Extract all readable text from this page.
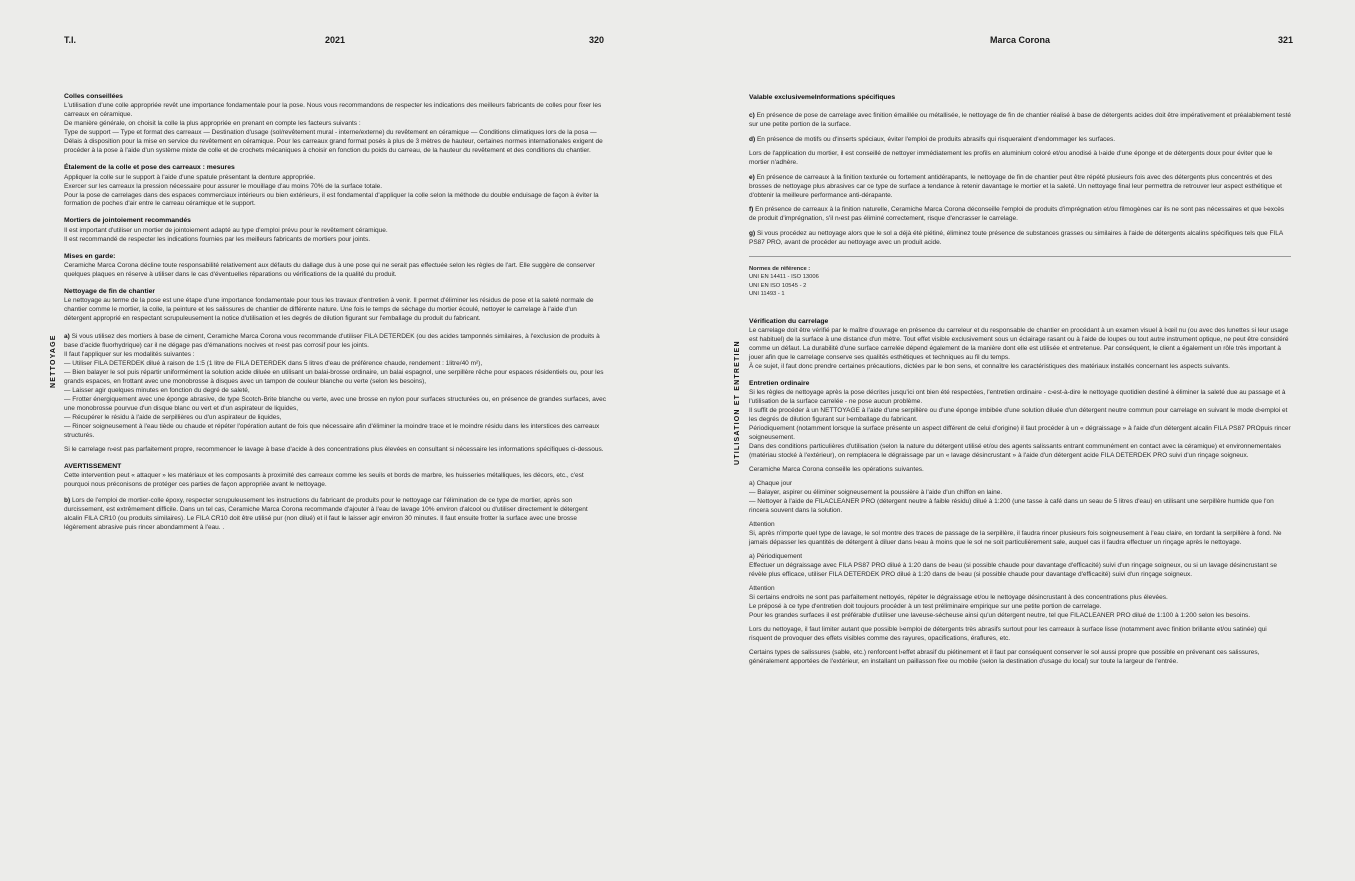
T.I.	2021	320
NETTOYAGE
Colles conseillées
L'utilisation d'une colle appropriée revêt une importance fondamentale pour la pose. Nous vous recommandons de respecter les indications des meilleurs fabricants de colles pour fixer les carreaux en céramique.
De manière générale, on choisit la colle la plus appropriée en prenant en compte les facteurs suivants :
Type de support — Type et format des carreaux — Destination d'usage (sol/revêtement mural - interne/externe) du revêtement en céramique — Conditions climatiques lors de la posa — Délais à disposition pour la mise en service du revêtement en céramique. Pour les carreaux grand format posés à plus de 3 mètres de hauteur, certaines normes internationales exigent de procéder à la pose à l'aide d'un système mixte de colle et de crochets mécaniques à choisir en fonction du poids du carreau, de la hauteur du revêtement et des conditions du chantier.
Étalement de la colle et pose des carreaux : mesures
Appliquer la colle sur le support à l'aide d'une spatule présentant la denture appropriée.
Exercer sur les carreaux la pression nécessaire pour assurer le mouillage d'au moins 70% de la surface totale.
Pour la pose de carrelages dans des espaces commerciaux intérieurs ou bien extérieurs, il est fondamental d'appliquer la colle selon la méthode du double enduisage de façon à éviter la formation de poches d'air entre le carreau céramique et le support.
Mortiers de jointoiement recommandés
Il est important d'utiliser un mortier de jointoiement adapté au type d'emploi prévu pour le revêtement céramique.
Il est recommandé de respecter les indications fournies par les meilleurs fabricants de mortiers pour joints.
Mises en garde:

Ceramiche Marca Corona décline toute responsabilité relativement aux défauts du dallage dus à une pose qui ne serait pas effectuée selon les règles de l'art. Elle suggère de conserver quelques plaques en réserve à utiliser dans le cas d'éventuelles réparations ou vérifications de la qualité du produit.

Nettoyage de fin de chantier

Le nettoyage au terme de la pose est une étape d'une importance fondamentale pour tous les travaux d'entretien à venir. Il permet d'éliminer les résidus de pose et la saleté normale de chantier comme le mortier, la colle, la peinture et les salissures de chantier de différente nature. Une fois le temps de séchage du mortier écoulé, nettoyer le carrelage à l'aide d'un détergent approprié en respectant scrupuleusement la notice d'utilisation et les degrés de dilution figurant sur l'emballage du produit du fabricant.

a) Si vous utilisez des mortiers à base de ciment, Ceramiche Marca Corona vous recommande d'utiliser FILA DETERDEK (ou des acides tamponnés similaires, à l'exclusion de produits à base d'acide fluorhydrique) car il ne dégage pas d'émanations nocives et n›est pas corrosif pour les joints.
Il faut l'appliquer sur les modalités suivantes :
— Utiliser FILA DETERDEK dilué à raison de 1:5 (1 litre de FILA DETERDEK dans 5 litres d'eau de préférence chaude, rendement : 1litre/40 m²),
— Bien balayer le sol puis répartir uniformément la solution acide diluée en utilisant un balai-brosse ordinaire, un balai espagnol, une serpillère rêche pour espaces résidentiels ou, pour les grands espaces, en frottant avec une monobrosse à disques avec un tampon de couleur blanche ou verte (selon les besoins),
— Laisser agir quelques minutes en fonction du degré de saleté,
— Frotter énergiquement avec une éponge abrasive, de type Scotch-Brite blanche ou verte, avec une brosse en nylon pour surfaces structurées ou, en présence de grandes surfaces, avec une monobrosse pourvue d'un disque blanc ou vert et d'un aspirateur de liquides,
— Récupérer le résidu à l'aide de serpillières ou d'un aspirateur de liquides,
— Rincer soigneusement à l'eau tiède ou chaude et répéter l'opération autant de fois que nécessaire afin d'éliminer la moindre trace et le moindre résidu dans les interstices des carreaux structurés.

Si le carrelage n›est pas parfaitement propre, recommencer le lavage à base d'acide à des concentrations plus élevées en consultant si nécessaire les informations spécifiques ci-dessous.

AVERTISSEMENT

Cette intervention peut « attaquer » les matériaux et les composants à proximité des carreaux comme les seuils et bords de marbre, les huisseries métalliques, les décors, etc., c'est pourquoi nous préconisons de protéger ces parties de façon appropriée avant le nettoyage.

b) Lors de l'emploi de mortier-colle époxy, respecter scrupuleusement les instructions du fabricant de produits pour le nettoyage car l'élimination de ce type de mortier, après son durcissement, est extrêmement difficile. Dans un tel cas, Ceramiche Marca Corona recommande d'ajouter à l'eau de lavage 10% environ d'alcool ou d'utiliser directement le détergent alcalin FILA CR10 (ou produits similaires). Le FILA CR10 doit être utilisé pur (non dilué) et il faut le laisser agir environ 30 minutes. Il faut ensuite frotter la surface avec une brosse légèrement abrasive puis rincer abondamment à l'eau. .

Marca Corona	321
UTILISATION ET ENTRETIEN
Valable exclusivemeInformations spécifiques

c) En présence de pose de carrelage avec finition émaillée ou métallisée, le nettoyage de fin de chantier réalisé à base de détergents acides doit être impérativement et préalablement testé sur une petite portion de la surface.

d) En présence de motifs ou d'inserts spéciaux, éviter l'emploi de produits abrasifs qui risqueraient d'endommager les surfaces.

Lors de l'application du mortier, il est conseillé de nettoyer immédiatement les profils en aluminium coloré et/ou anodisé à l›aide d'une éponge et de détergents doux pour éviter que le mortier n'adhère.

e) En présence de carreaux à la finition texturée ou fortement antidérapants, le nettoyage de fin de chantier peut être répété plusieurs fois avec des détergents plus concentrés et des brosses de nettoyage plus abrasives car ce type de surface a tendance à retenir davantage le mortier et la saleté. Un nettoyage final leur permettra de retrouver leur aspect esthétique et d'obtenir la meilleure performance anti-dérapante.

f) En présence de carreaux à la finition naturelle, Ceramiche Marca Corona déconseille l'emploi de produits d'imprégnation et/ou filmogènes car ils ne sont pas nécessaires et que l›excès de produit d'imprégnation, s'il n›est pas éliminé correctement, risque d'encrasser le carrelage.

g) Si vous procédez au nettoyage alors que le sol a déjà été piétiné, éliminez toute présence de substances grasses ou similaires à l'aide de détergents alcalins spécifiques tels que FILA PS87 PRO, avant de procéder au nettoyage avec un produit acide.

Normes de référence :
UNI EN 14411 - ISO 13006
UNI EN ISO 10545 - 2
UNI 11493 - 1
Vérification du carrelage
Le carrelage doit être vérifié par le maître d'ouvrage en présence du carreleur et du responsable de chantier en procédant à un examen visuel à l›œil nu (ou avec des lunettes si leur usage est habituel) de la surface à une distance d'un mètre. Tout effet visible exclusivement sous un éclairage rasant ou à l'aide de loupes ou tout autre instrument optique, ne peut être considéré comme un défaut. La durabilité d'une surface carrelée dépend également de la manière dont elle est utilisée et entretenue. Par conséquent, le client a également un rôle très important à jouer afin que le carrelage conserve ses qualités esthétiques et techniques au fil du temps.
À ce sujet, il faut donc prendre certaines précautions, dictées par le bon sens, et connaître les caractéristiques des matériaux installés concernant les aspects suivants.
Entretien ordinaire
Si les règles de nettoyage après la pose décrites jusqu'ici ont bien été respectées, l'entretien ordinaire - c›est-à-dire le nettoyage quotidien destiné à éliminer la saleté due au passage et à l'utilisation de la surface carrelée - ne pose aucun problème.
Il suffit de procéder à un NETTOYAGE à l'aide d'une serpillère ou d'une éponge imbibée d'une solution diluée d'un détergent neutre commun pour carrelage en suivant le mode d›emploi et les degrés de dilution figurant sur l›emballage du fabricant.
Périodiquement (notamment lorsque la surface présente un aspect différent de celui d'origine) il faut procéder à un « dégraissage » à l'aide d'un détergent alcalin FILA PS87 PROpuis rincer soigneusement.
Dans des conditions particulières d'utilisation (selon la nature du détergent utilisé et/ou des agents salissants entrant communément en contact avec la céramique) et environnementales (matériau stocké à l'extérieur), on remplacera le dégraissage par un « lavage désincrustant » à l'aide d'un détergent acide FILA DETERDEK PRO suivi d'un rinçage soigneux.

Ceramiche Marca Corona conseille les opérations suivantes.

a) Chaque jour
— Balayer, aspirer ou éliminer soigneusement la poussière à l'aide d'un chiffon en laine.
— Nettoyer à l'aide de FILACLEANER PRO (détergent neutre à faible résidu) dilué à 1:200 (une tasse à café dans un seau de 5 litres d'eau) en utilisant une serpillère humide que l'on rincera souvent dans la solution.
Attention
Si, après n'importe quel type de lavage, le sol montre des traces de passage de la serpillère, il faudra rincer plusieurs fois soigneusement à l'eau claire, en tordant la serpillère à fond. Ne jamais dépasser les quantités de détergent à diluer dans l›eau à moins que le sol ne soit particulièrement sale, auquel cas il faudra effectuer un rinçage après le nettoyage.
a) Périodiquement
Effectuer un dégraissage avec FILA PS87 PRO dilué à 1:20 dans de l›eau (si possible chaude pour davantage d'efficacité) suivi d'un rinçage soigneux, ou si un lavage désincrustant se révèle plus efficace, utiliser FILA DETERDEK PRO dilué à 1:20 dans de l›eau (si possible chaude pour davantage d'efficacité) suivi d'un rinçage soigneux.
Attention
Si certains endroits ne sont pas parfaitement nettoyés, répéter le dégraissage et/ou le nettoyage désincrustant à des concentrations plus élevées.
Le préposé à ce type d'entretien doit toujours procéder à un test préliminaire empirique sur une petite portion de carrelage.
Pour les grandes surfaces il est préférable d'utiliser une laveuse-sécheuse ainsi qu'un détergent neutre, tel que FILACLEANER PRO dilué de 1:100 à 1:200 selon les besoins.

Lors du nettoyage, il faut limiter autant que possible l›emploi de détergents très abrasifs surtout pour les carreaux à surface lisse (notamment avec finition brillante et/ou satinée) qui risquent de provoquer des effets visibles comme des rayures, opacifications, éraflures, etc.

Certains types de salissures (sable, etc.) renforcent l›effet abrasif du piétinement et il faut par conséquent conserver le sol aussi propre que possible en prévenant ces salissures, généralement apportées de l'extérieur, en installant un paillasson fixe ou mobile (selon la destination d'usage du local) sur toute la largeur de l'entrée.
